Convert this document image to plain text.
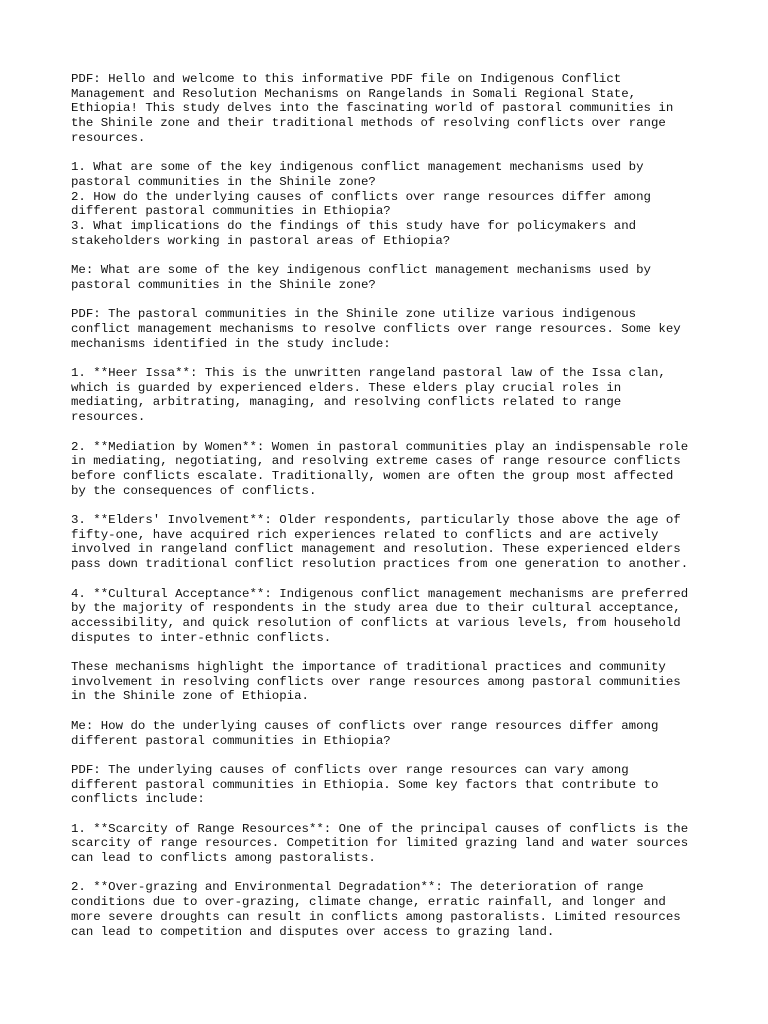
PDF: Hello and welcome to this informative PDF file on Indigenous Conflict
Management and Resolution Mechanisms on Rangelands in Somali Regional State,
Ethiopia! This study delves into the fascinating world of pastoral communities in
the Shinile zone and their traditional methods of resolving conflicts over range
resources.

1. What are some of the key indigenous conflict management mechanisms used by
pastoral communities in the Shinile zone?
2. How do the underlying causes of conflicts over range resources differ among
different pastoral communities in Ethiopia?
3. What implications do the findings of this study have for policymakers and
stakeholders working in pastoral areas of Ethiopia?

Me: What are some of the key indigenous conflict management mechanisms used by
pastoral communities in the Shinile zone?

PDF: The pastoral communities in the Shinile zone utilize various indigenous
conflict management mechanisms to resolve conflicts over range resources. Some key
mechanisms identified in the study include:

1. **Heer Issa**: This is the unwritten rangeland pastoral law of the Issa clan,
which is guarded by experienced elders. These elders play crucial roles in
mediating, arbitrating, managing, and resolving conflicts related to range
resources.

2. **Mediation by Women**: Women in pastoral communities play an indispensable role
in mediating, negotiating, and resolving extreme cases of range resource conflicts
before conflicts escalate. Traditionally, women are often the group most affected
by the consequences of conflicts.

3. **Elders' Involvement**: Older respondents, particularly those above the age of
fifty-one, have acquired rich experiences related to conflicts and are actively
involved in rangeland conflict management and resolution. These experienced elders
pass down traditional conflict resolution practices from one generation to another.

4. **Cultural Acceptance**: Indigenous conflict management mechanisms are preferred
by the majority of respondents in the study area due to their cultural acceptance,
accessibility, and quick resolution of conflicts at various levels, from household
disputes to inter-ethnic conflicts.

These mechanisms highlight the importance of traditional practices and community
involvement in resolving conflicts over range resources among pastoral communities
in the Shinile zone of Ethiopia.

Me: How do the underlying causes of conflicts over range resources differ among
different pastoral communities in Ethiopia?

PDF: The underlying causes of conflicts over range resources can vary among
different pastoral communities in Ethiopia. Some key factors that contribute to
conflicts include:

1. **Scarcity of Range Resources**: One of the principal causes of conflicts is the
scarcity of range resources. Competition for limited grazing land and water sources
can lead to conflicts among pastoralists.

2. **Over-grazing and Environmental Degradation**: The deterioration of range
conditions due to over-grazing, climate change, erratic rainfall, and longer and
more severe droughts can result in conflicts among pastoralists. Limited resources
can lead to competition and disputes over access to grazing land.
